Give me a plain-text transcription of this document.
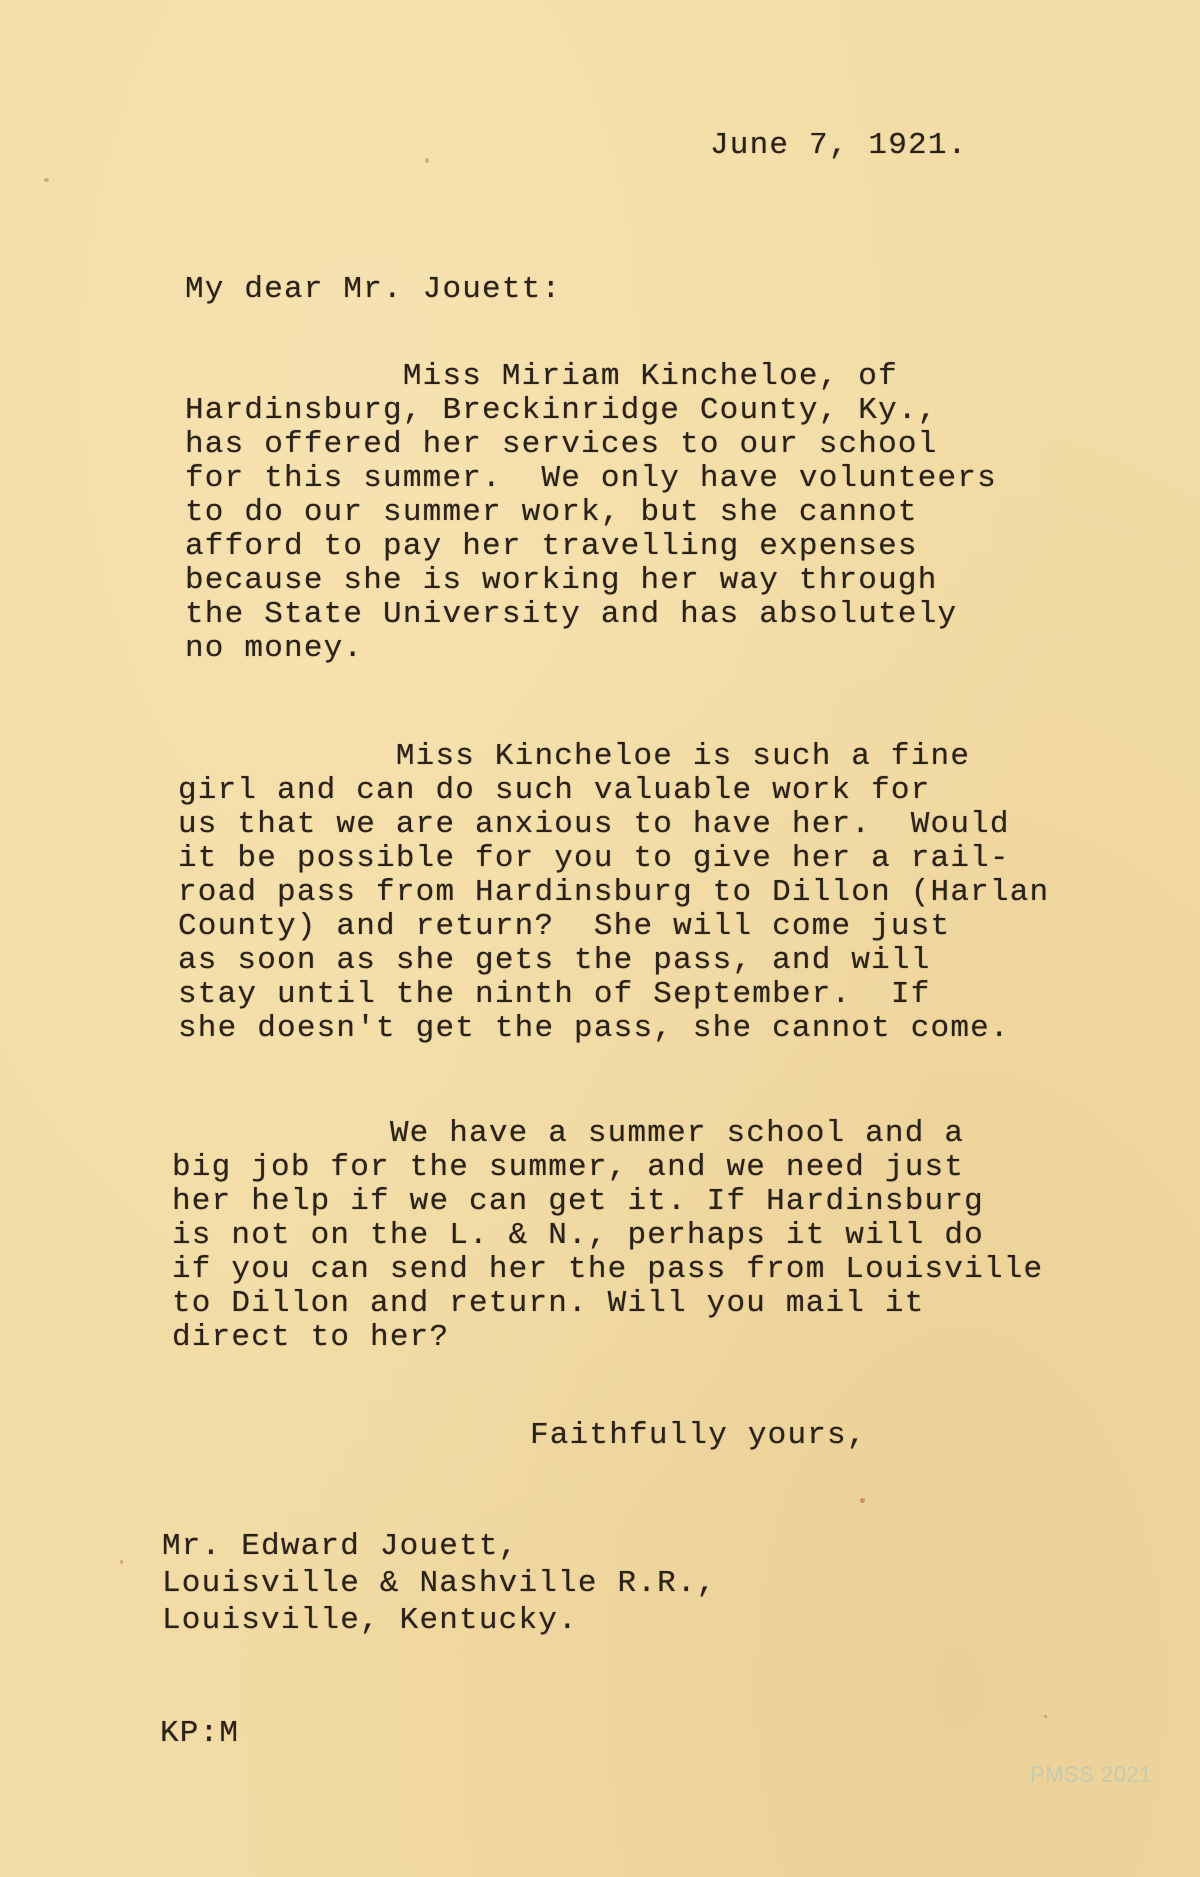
June 7, 1921.
My dear Mr. Jouett:
Miss Miriam Kincheloe, of
Hardinsburg, Breckinridge County, Ky.,
has offered her services to our school
for this summer.  We only have volunteers
to do our summer work, but she cannot
afford to pay her travelling expenses
because she is working her way through
the State University and has absolutely
no money.
Miss Kincheloe is such a fine
girl and can do such valuable work for
us that we are anxious to have her.  Would
it be possible for you to give her a rail-
road pass from Hardinsburg to Dillon (Harlan
County) and return?  She will come just
as soon as she gets the pass, and will
stay until the ninth of September.  If
she doesn't get the pass, she cannot come.
We have a summer school and a
big job for the summer, and we need just
her help if we can get it. If Hardinsburg
is not on the L. & N., perhaps it will do
if you can send her the pass from Louisville
to Dillon and return. Will you mail it
direct to her?
Faithfully yours,
Mr. Edward Jouett,
Louisville & Nashville R.R.,
Louisville, Kentucky.
KP:M
PMSS 2021
